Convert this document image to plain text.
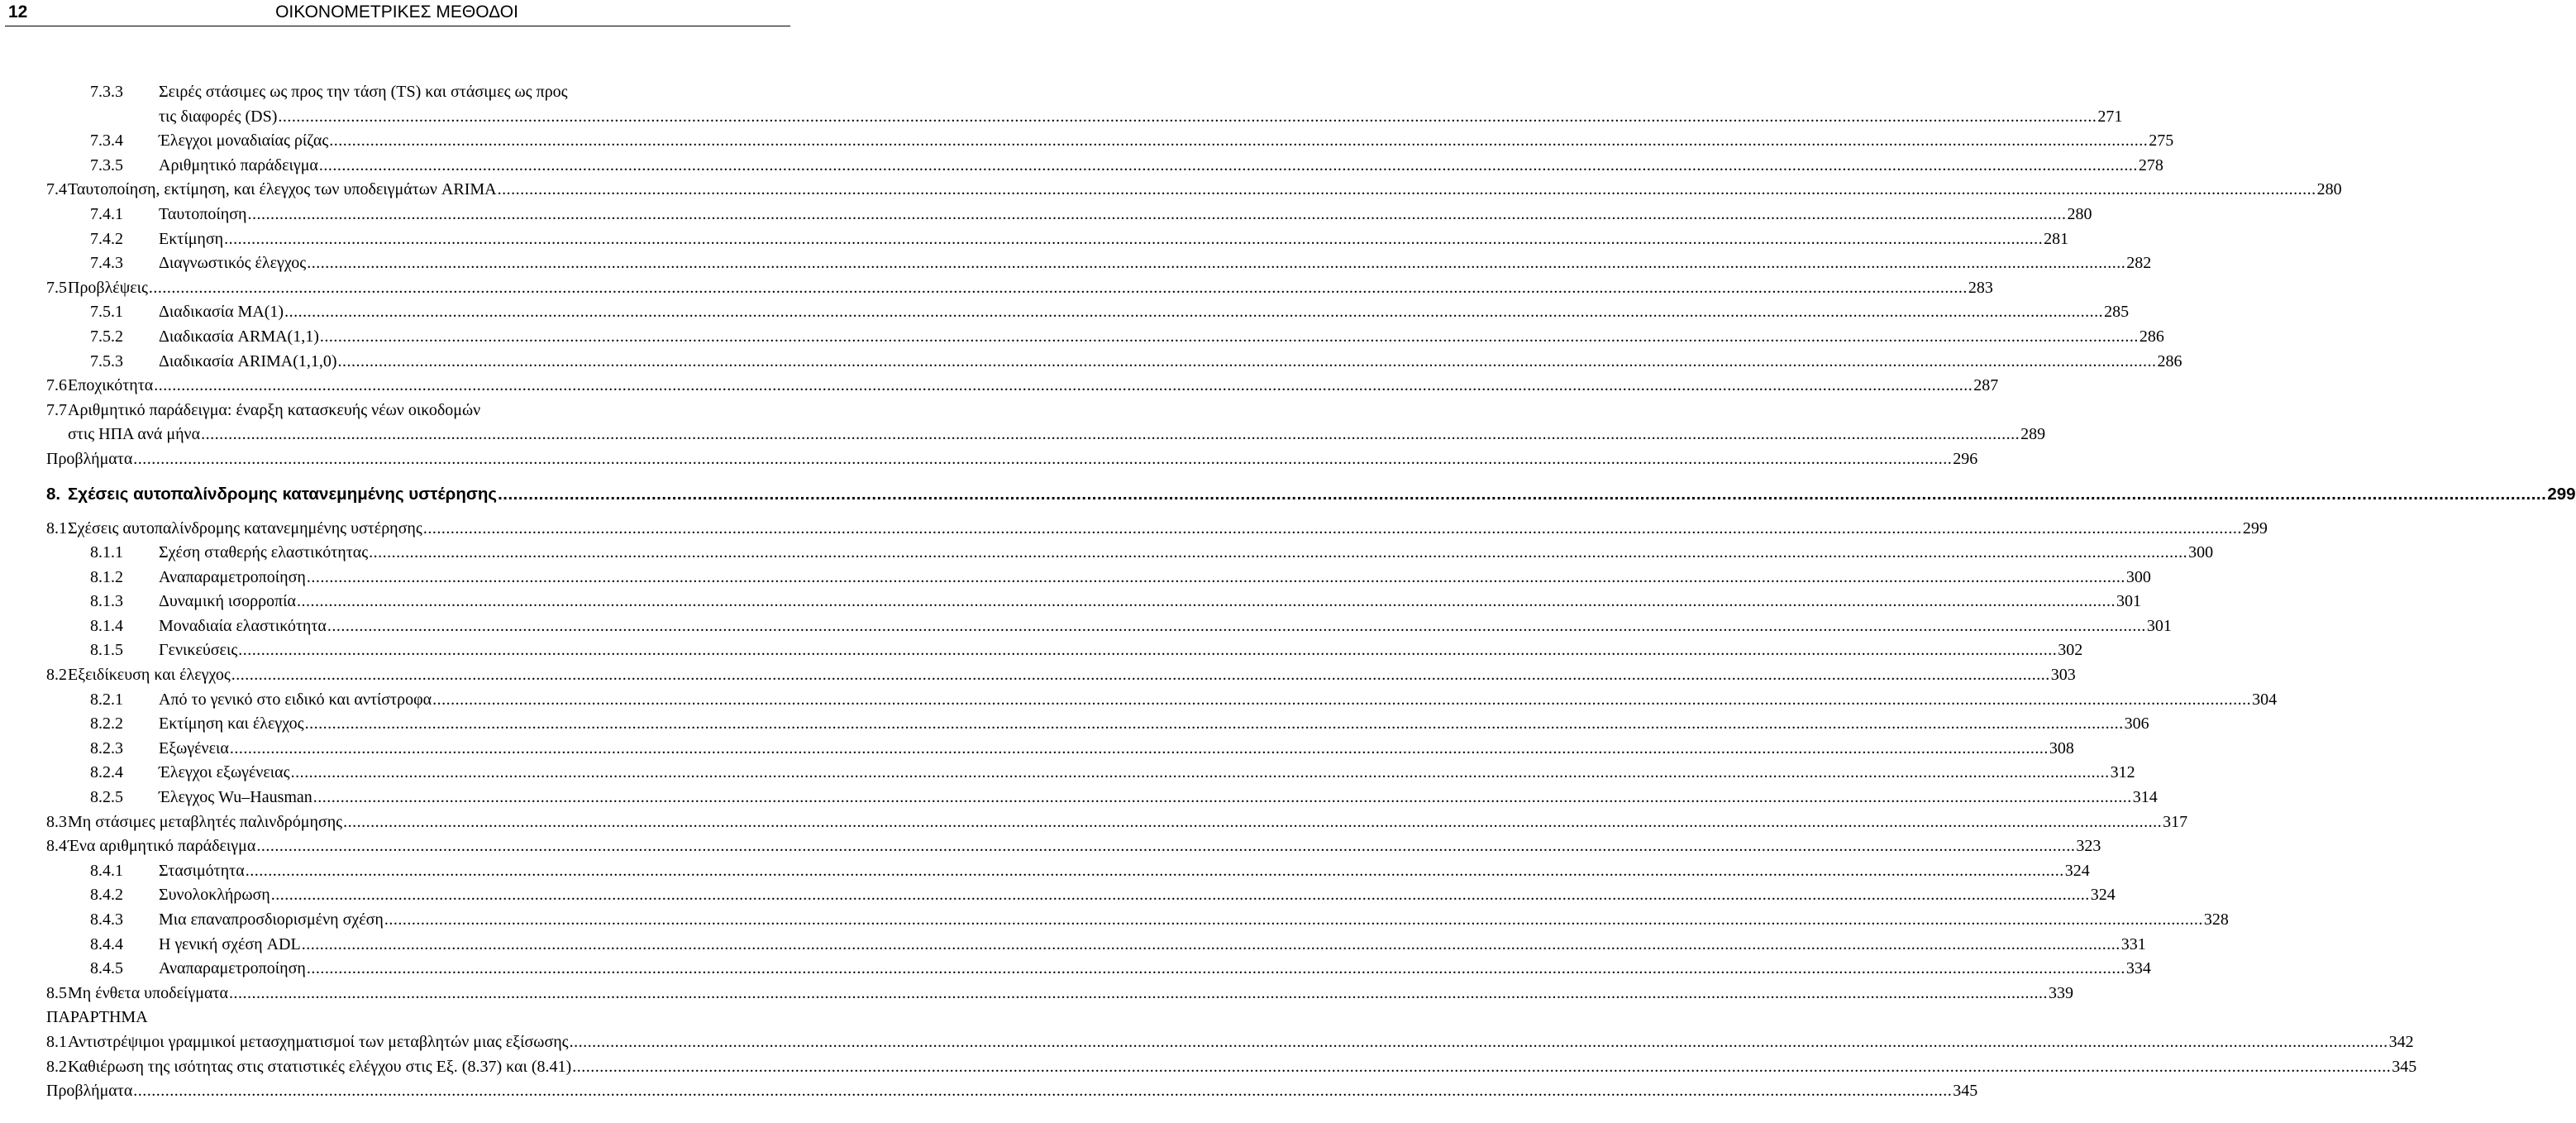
12	ΟΙΚΟΝΟΜΕΤΡΙΚΕΣ ΜΕΘΟΔΟΙ
7.3.3 Σειρές στάσιμες ως προς την τάση (TS) και στάσιμες ως προς
τις διαφορές (DS) ................................................................................................................................................................................................................................................................................................................................................................................................................ 271
7.3.4 Έλεγχοι μοναδιαίας ρίζας ................................................................................................................................................................................................................................................................................................................................................................................................................ 275
7.3.5 Αριθμητικό παράδειγμα ................................................................................................................................................................................................................................................................................................................................................................................................................ 278
7.4 Ταυτοποίηση, εκτίμηση, και έλεγχος των υποδειγμάτων ARIMA ................................................................................................................................................................................................................................................................................................................................................................................................................ 280
7.4.1 Ταυτοποίηση ................................................................................................................................................................................................................................................................................................................................................................................................................ 280
7.4.2 Εκτίμηση ................................................................................................................................................................................................................................................................................................................................................................................................................ 281
7.4.3 Διαγνωστικός έλεγχος ................................................................................................................................................................................................................................................................................................................................................................................................................ 282
7.5 Προβλέψεις ................................................................................................................................................................................................................................................................................................................................................................................................................ 283
7.5.1 Διαδικασία MA(1) ................................................................................................................................................................................................................................................................................................................................................................................................................ 285
7.5.2 Διαδικασία ARMA(1,1) ................................................................................................................................................................................................................................................................................................................................................................................................................ 286
7.5.3 Διαδικασία ARIMA(1,1,0) ................................................................................................................................................................................................................................................................................................................................................................................................................ 286
7.6 Εποχικότητα ................................................................................................................................................................................................................................................................................................................................................................................................................ 287
7.7 Αριθμητικό παράδειγμα: έναρξη κατασκευής νέων οικοδομών
στις ΗΠΑ ανά μήνα ................................................................................................................................................................................................................................................................................................................................................................................................................ 289
Προβλήματα ................................................................................................................................................................................................................................................................................................................................................................................................................ 296
8. Σχέσεις αυτοπαλίνδρομης κατανεμημένης υστέρησης ................................................................................................................................................................................................................................................................................................................................................................................................................ 299
8.1 Σχέσεις αυτοπαλίνδρομης κατανεμημένης υστέρησης ................................................................................................................................................................................................................................................................................................................................................................................................................ 299
8.1.1 Σχέση σταθερής ελαστικότητας ................................................................................................................................................................................................................................................................................................................................................................................................................ 300
8.1.2 Αναπαραμετροποίηση ................................................................................................................................................................................................................................................................................................................................................................................................................ 300
8.1.3 Δυναμική ισορροπία ................................................................................................................................................................................................................................................................................................................................................................................................................ 301
8.1.4 Μοναδιαία ελαστικότητα ................................................................................................................................................................................................................................................................................................................................................................................................................ 301
8.1.5 Γενικεύσεις ................................................................................................................................................................................................................................................................................................................................................................................................................ 302
8.2 Εξειδίκευση και έλεγχος ................................................................................................................................................................................................................................................................................................................................................................................................................ 303
8.2.1 Από το γενικό στο ειδικό και αντίστροφα ................................................................................................................................................................................................................................................................................................................................................................................................................ 304
8.2.2 Εκτίμηση και έλεγχος ................................................................................................................................................................................................................................................................................................................................................................................................................ 306
8.2.3 Εξωγένεια ................................................................................................................................................................................................................................................................................................................................................................................................................ 308
8.2.4 Έλεγχοι εξωγένειας ................................................................................................................................................................................................................................................................................................................................................................................................................ 312
8.2.5 Έλεγχος Wu–Hausman ................................................................................................................................................................................................................................................................................................................................................................................................................ 314
8.3 Μη στάσιμες μεταβλητές παλινδρόμησης ................................................................................................................................................................................................................................................................................................................................................................................................................ 317
8.4 Ένα αριθμητικό παράδειγμα ................................................................................................................................................................................................................................................................................................................................................................................................................ 323
8.4.1 Στασιμότητα ................................................................................................................................................................................................................................................................................................................................................................................................................ 324
8.4.2 Συνολοκλήρωση ................................................................................................................................................................................................................................................................................................................................................................................................................ 324
8.4.3 Μια επαναπροσδιορισμένη σχέση ................................................................................................................................................................................................................................................................................................................................................................................................................ 328
8.4.4 Η γενική σχέση ADL ................................................................................................................................................................................................................................................................................................................................................................................................................ 331
8.4.5 Αναπαραμετροποίηση ................................................................................................................................................................................................................................................................................................................................................................................................................ 334
8.5 Μη ένθετα υποδείγματα ................................................................................................................................................................................................................................................................................................................................................................................................................ 339
ΠΑΡΑΡΤΗΜΑ
8.1 Αντιστρέψιμοι γραμμικοί μετασχηματισμοί των μεταβλητών μιας εξίσωσης ................................................................................................................................................................................................................................................................................................................................................................................................................ 342
8.2 Καθιέρωση της ισότητας στις στατιστικές ελέγχου στις Εξ. (8.37) και (8.41) ................................................................................................................................................................................................................................................................................................................................................................................................................ 345
Προβλήματα ................................................................................................................................................................................................................................................................................................................................................................................................................ 345
